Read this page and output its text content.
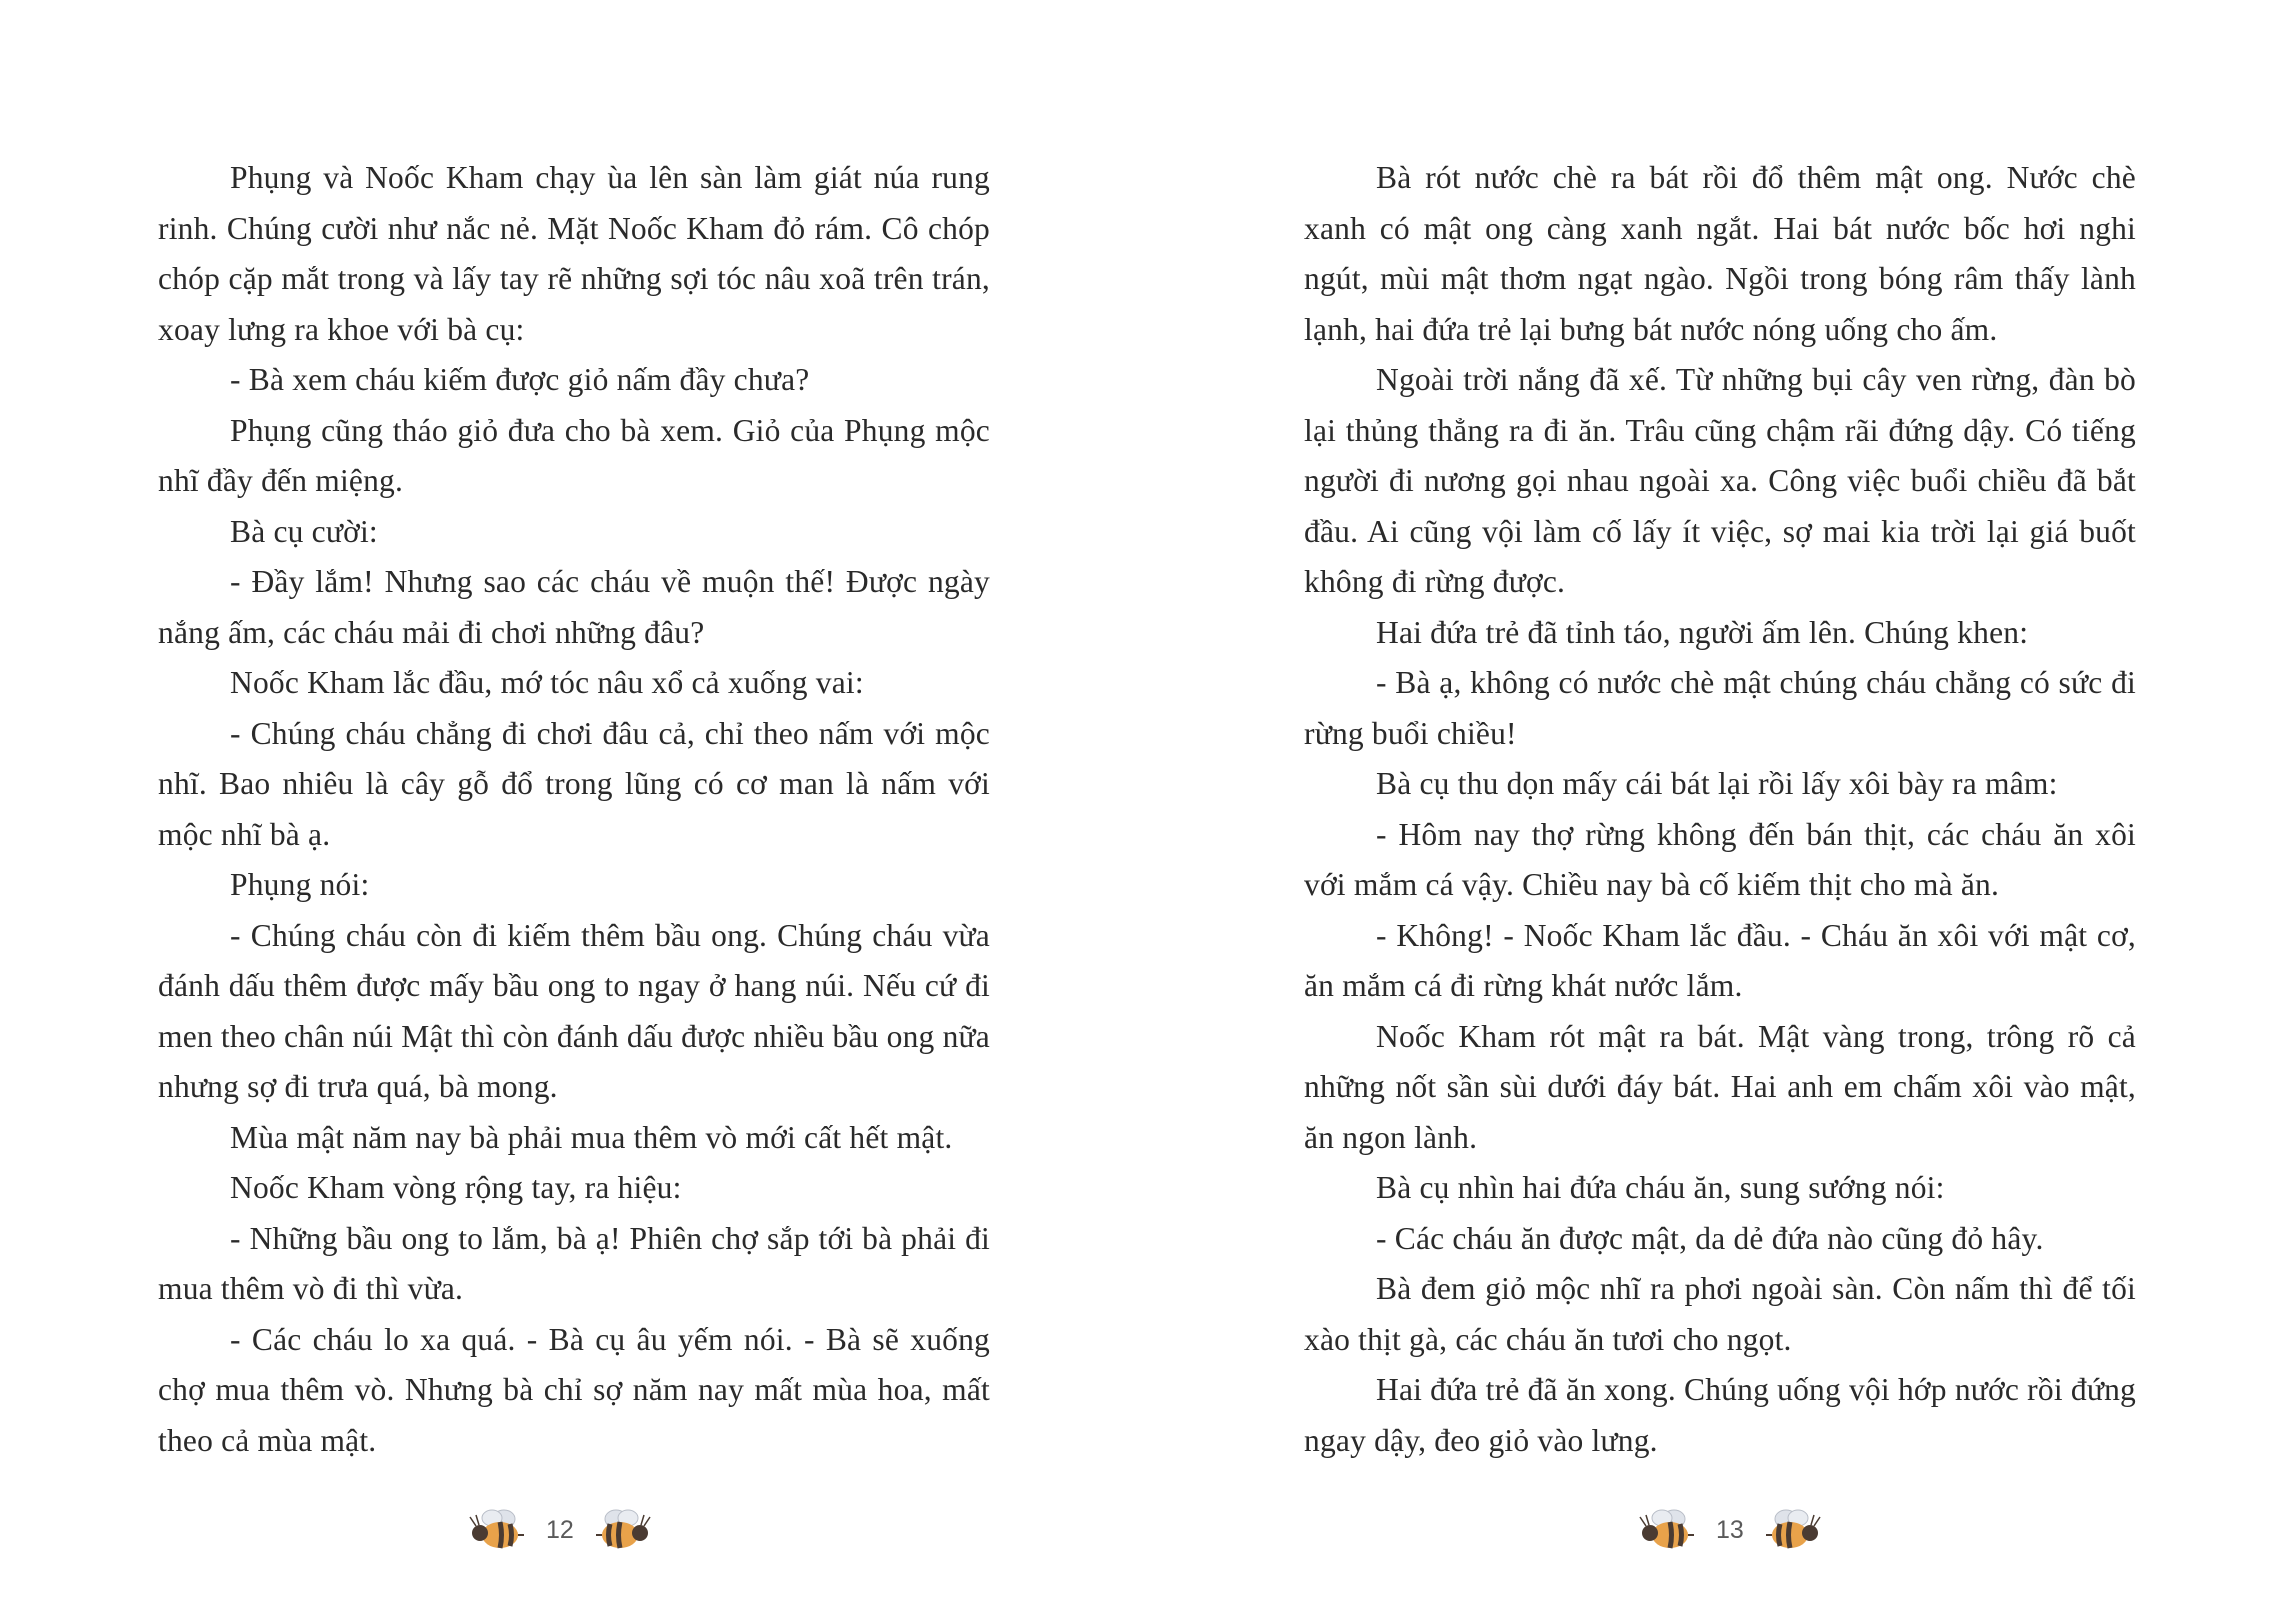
Phụng và Noốc Kham chạy ùa lên sàn làm giát núa rung rinh. Chúng cười như nắc nẻ. Mặt Noốc Kham đỏ rám. Cô chóp chóp cặp mắt trong và lấy tay rẽ những sợi tóc nâu xoã trên trán, xoay lưng ra khoe với bà cụ:

- Bà xem cháu kiếm được giỏ nấm đầy chưa?

Phụng cũng tháo giỏ đưa cho bà xem. Giỏ của Phụng mộc nhĩ đầy đến miệng.

Bà cụ cười:

- Đầy lắm! Nhưng sao các cháu về muộn thế! Được ngày nắng ấm, các cháu mải đi chơi những đâu?

Noốc Kham lắc đầu, mớ tóc nâu xổ cả xuống vai:

- Chúng cháu chẳng đi chơi đâu cả, chỉ theo nấm với mộc nhĩ. Bao nhiêu là cây gỗ đổ trong lũng có cơ man là nấm với mộc nhĩ bà ạ.

Phụng nói:

- Chúng cháu còn đi kiếm thêm bầu ong. Chúng cháu vừa đánh dấu thêm được mấy bầu ong to ngay ở hang núi. Nếu cứ đi men theo chân núi Mật thì còn đánh dấu được nhiều bầu ong nữa nhưng sợ đi trưa quá, bà mong.

Mùa mật năm nay bà phải mua thêm vò mới cất hết mật.

Noốc Kham vòng rộng tay, ra hiệu:

- Những bầu ong to lắm, bà ạ! Phiên chợ sắp tới bà phải đi mua thêm vò đi thì vừa.

- Các cháu lo xa quá. - Bà cụ âu yếm nói. - Bà sẽ xuống chợ mua thêm vò. Nhưng bà chỉ sợ năm nay mất mùa hoa, mất theo cả mùa mật.

12

Bà rót nước chè ra bát rồi đổ thêm mật ong. Nước chè xanh có mật ong càng xanh ngắt. Hai bát nước bốc hơi nghi ngút, mùi mật thơm ngạt ngào. Ngồi trong bóng râm thấy lành lạnh, hai đứa trẻ lại bưng bát nước nóng uống cho ấm.

Ngoài trời nắng đã xế. Từ những bụi cây ven rừng, đàn bò lại thủng thẳng ra đi ăn. Trâu cũng chậm rãi đứng dậy. Có tiếng người đi nương gọi nhau ngoài xa. Công việc buổi chiều đã bắt đầu. Ai cũng vội làm cố lấy ít việc, sợ mai kia trời lại giá buốt không đi rừng được.

Hai đứa trẻ đã tỉnh táo, người ấm lên. Chúng khen:

- Bà ạ, không có nước chè mật chúng cháu chẳng có sức đi rừng buổi chiều!

Bà cụ thu dọn mấy cái bát lại rồi lấy xôi bày ra mâm:

- Hôm nay thợ rừng không đến bán thịt, các cháu ăn xôi với mắm cá vậy. Chiều nay bà cố kiếm thịt cho mà ăn.

- Không! - Noốc Kham lắc đầu. - Cháu ăn xôi với mật cơ, ăn mắm cá đi rừng khát nước lắm.

Noốc Kham rót mật ra bát. Mật vàng trong, trông rõ cả những nốt sần sùi dưới đáy bát. Hai anh em chấm xôi vào mật, ăn ngon lành.

Bà cụ nhìn hai đứa cháu ăn, sung sướng nói:

- Các cháu ăn được mật, da dẻ đứa nào cũng đỏ hây.

Bà đem giỏ mộc nhĩ ra phơi ngoài sàn. Còn nấm thì để tối xào thịt gà, các cháu ăn tươi cho ngọt.

Hai đứa trẻ đã ăn xong. Chúng uống vội hớp nước rồi đứng ngay dậy, đeo giỏ vào lưng.

13
